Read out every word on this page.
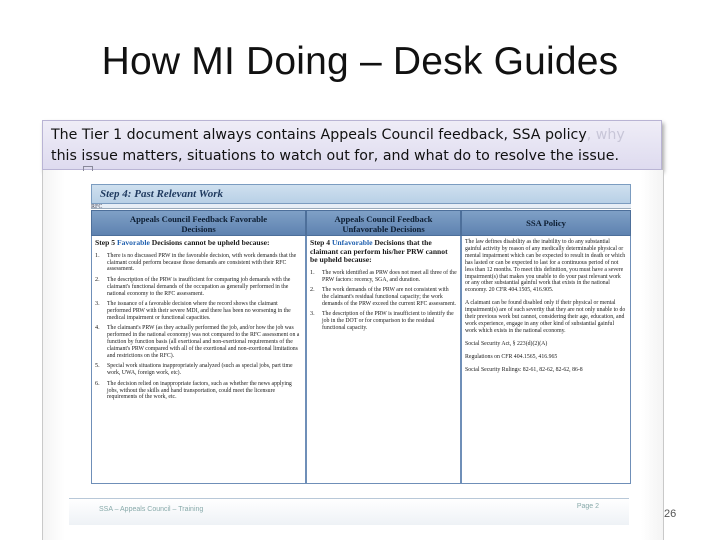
How MI Doing – Desk Guides
The Tier 1 document always contains Appeals Council feedback, SSA policy, why this issue matters, situations to watch out for, and what do to resolve the issue.
Step 4: Past Relevant Work
RFC
Appeals Council Feedback Favorable Decisions
Appeals Council Feedback Unfavorable Decisions
SSA Policy

Step 5 Favorable Decisions cannot be upheld because:

1.	There is no discussed PRW in the favorable decision, with work demands that the claimant could perform because those demands are consistent with their RFC assessment.
2.	The description of the PRW is insufficient for comparing job demands with the claimant's functional demands of the occupation as generally performed in the national economy to the RFC assessment.
3.	The issuance of a favorable decision where the record shows the claimant performed PRW with their severe MDI, and there has been no worsening in the medical impairment or functional capacities.
4.	The claimant's PRW (as they actually performed the job, and/or how the job was performed in the national economy) was not compared to the RFC assessment on a function by function basis (all exertional and non-exertional requirements of the claimant's PRW compared with all of the exertional and non-exertional limitations and restrictions on the RFC).
5.	Special work situations inappropriately analyzed (such as special jobs, part time work, UWA, foreign work, etc).
6.	The decision relied on inappropriate factors, such as whether the news applying jobs, without the skills and hand transportation, could meet the licensure requirements of the work, etc.

Step 4 Unfavorable Decisions that the claimant can perform his/her PRW cannot be upheld because:

1.	The work identified as PRW does not meet all three of the PRW factors: recency, SGA, and duration.
2.	The work demands of the PRW are not consistent with the claimant's residual functional capacity; the work demands of the PRW exceed the current RFC assessment.
3.	The description of the PRW is insufficient to identify the job in the DOT or for comparison to the residual functional capacity.

The law defines disability as the inability to do any substantial gainful activity by reason of any medically determinable physical or mental impairment which can be expected to result in death or which has lasted or can be expected to last for a continuous period of not less than 12 months. To meet this definition, you must have a severe impairment(s) that makes you unable to do your past relevant work or any other substantial gainful work that exists in the national economy. 20 CFR 404.1505, 416.905.

A claimant can be found disabled only if their physical or mental impairment(s) are of such severity that they are not only unable to do their previous work but cannot, considering their age, education, and work experience, engage in any other kind of substantial gainful work which exists in the national economy.

Social Security Act, § 223(d)(2)(A)

Regulations on CFR 404.1565, 416.965

Social Security Rulings: 82-61, 82-62, 82-62, 86-8

SSA – Appeals Council – Training	Page 2
26
